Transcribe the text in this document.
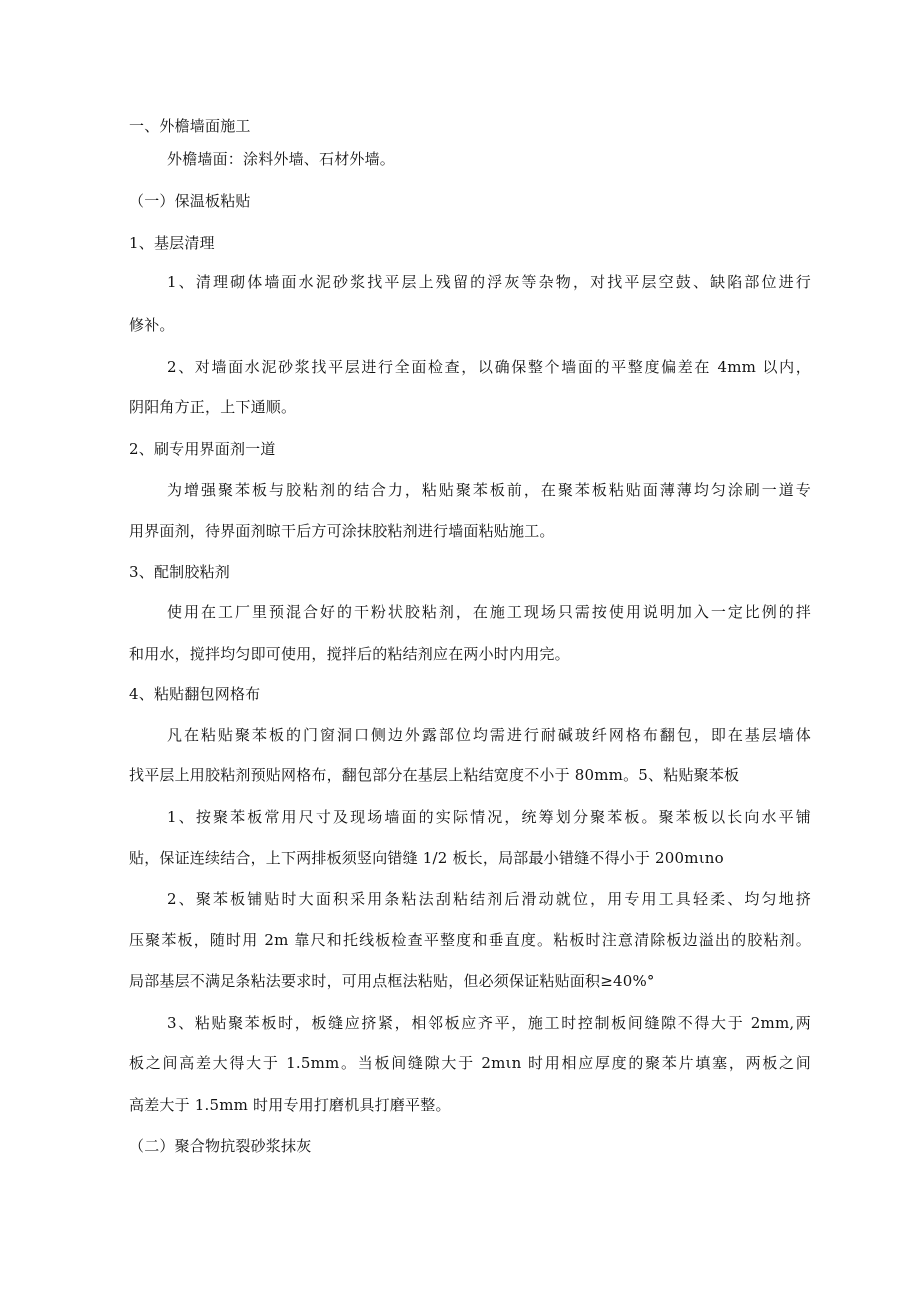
一、外檐墙面施工
外檐墙面：涂料外墙、石材外墙。
（一）保温板粘贴
1、基层清理
1、清理砌体墙面水泥砂浆找平层上残留的浮灰等杂物，对找平层空鼓、缺陷部位进行
修补。
2、对墙面水泥砂浆找平层进行全面检查，以确保整个墙面的平整度偏差在 4mm 以内，
阴阳角方正，上下通顺。
2、刷专用界面剂一道
为增强聚苯板与胶粘剂的结合力，粘贴聚苯板前，在聚苯板粘贴面薄薄均匀涂刷一道专
用界面剂，待界面剂晾干后方可涂抹胶粘剂进行墙面粘贴施工。
3、配制胶粘剂
使用在工厂里预混合好的干粉状胶粘剂，在施工现场只需按使用说明加入一定比例的拌
和用水，搅拌均匀即可使用，搅拌后的粘结剂应在两小时内用完。
4、粘贴翻包网格布
凡在粘贴聚苯板的门窗洞口侧边外露部位均需进行耐碱玻纤网格布翻包，即在基层墙体
找平层上用胶粘剂预贴网格布，翻包部分在基层上粘结宽度不小于 80mm。5、粘贴聚苯板
1、按聚苯板常用尺寸及现场墙面的实际情况，统筹划分聚苯板。聚苯板以长向水平铺
贴，保证连续结合，上下两排板须竖向错缝 1/2 板长，局部最小错缝不得小于 200mιno
2、聚苯板铺贴时大面积采用条粘法刮粘结剂后滑动就位，用专用工具轻柔、均匀地挤
压聚苯板，随时用 2m 靠尺和托线板检查平整度和垂直度。粘板时注意清除板边溢出的胶粘剂。
局部基层不满足条粘法要求时，可用点框法粘贴，但必须保证粘贴面积≥40%°
3、粘贴聚苯板时，板缝应挤紧，相邻板应齐平，施工时控制板间缝隙不得大于 2mm,两
板之间高差大得大于 1.5mm。当板间缝隙大于 2mιn 时用相应厚度的聚苯片填塞，两板之间
高差大于 1.5mm 时用专用打磨机具打磨平整。
（二）聚合物抗裂砂浆抹灰
